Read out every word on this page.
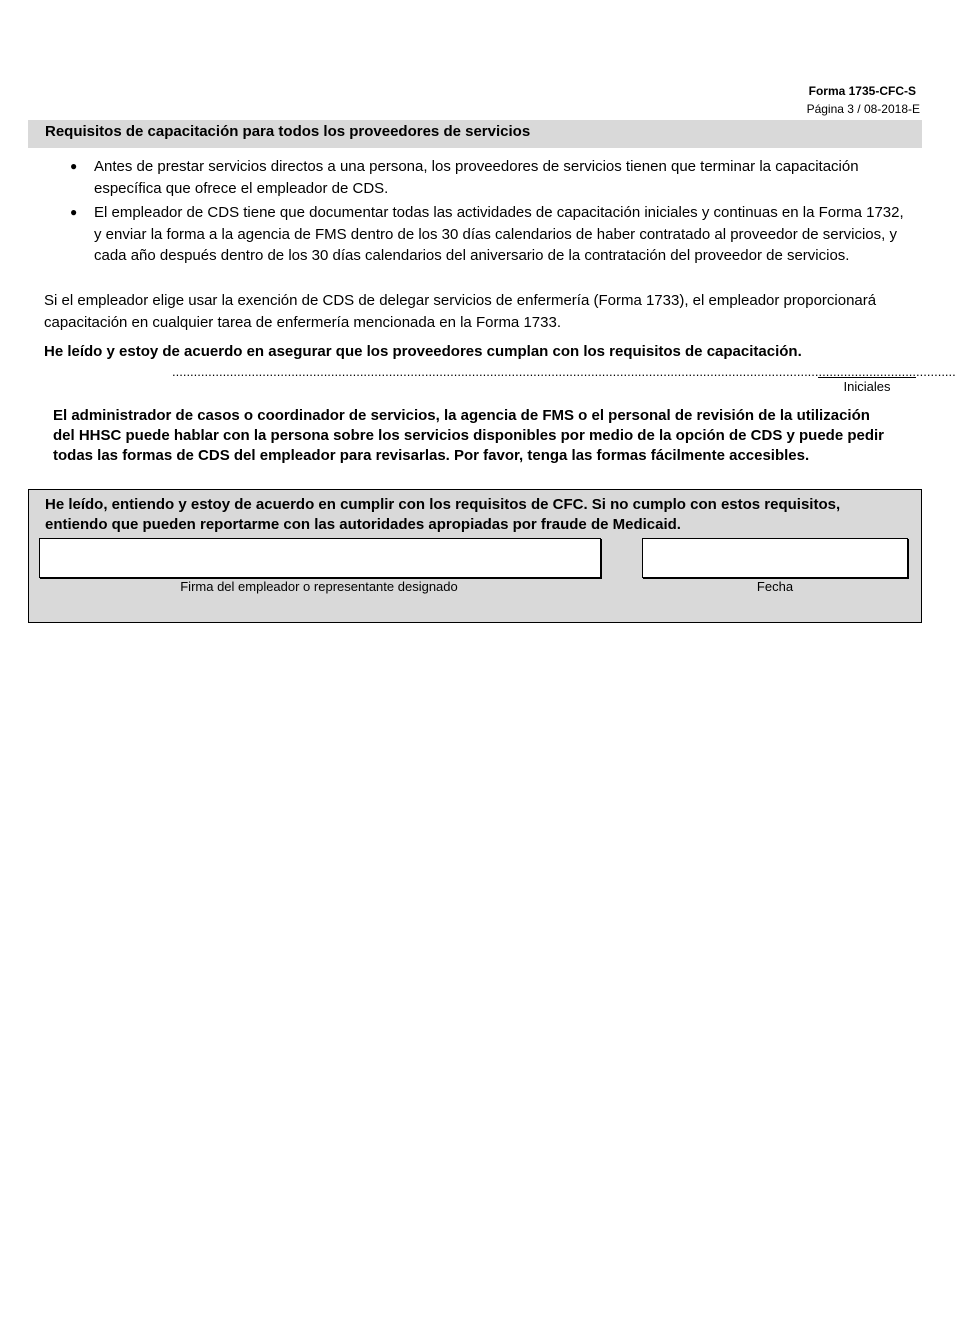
Forma 1735-CFC-S
Página 3 / 08-2018-E
Requisitos de capacitación para todos los proveedores de servicios
● Antes de prestar servicios directos a una persona, los proveedores de servicios tienen que terminar la capacitación específica que ofrece el empleador de CDS.
● El empleador de CDS tiene que documentar todas las actividades de capacitación iniciales y continuas en la Forma 1732, y enviar la forma a la agencia de FMS dentro de los 30 días calendarios de haber contratado al proveedor de servicios, y cada año después dentro de los 30 días calendarios del aniversario de la contratación del proveedor de servicios.
Si el empleador elige usar la exención de CDS de delegar servicios de enfermería (Forma 1733), el empleador proporcionará capacitación en cualquier tarea de enfermería mencionada en la Forma 1733.
He leído y estoy de acuerdo en asegurar que los proveedores cumplan con los requisitos de capacitación.
.........................................................................................................................................................................................................................
Iniciales
El administrador de casos o coordinador de servicios, la agencia de FMS o el personal de revisión de la utilización del HHSC puede hablar con la persona sobre los servicios disponibles por medio de la opción de CDS y puede pedir todas las formas de CDS del empleador para revisarlas. Por favor, tenga las formas fácilmente accesibles.
He leído, entiendo y estoy de acuerdo en cumplir con los requisitos de CFC. Si no cumplo con estos requisitos, entiendo que pueden reportarme con las autoridades apropiadas por fraude de Medicaid.
Firma del empleador o representante designado	Fecha
